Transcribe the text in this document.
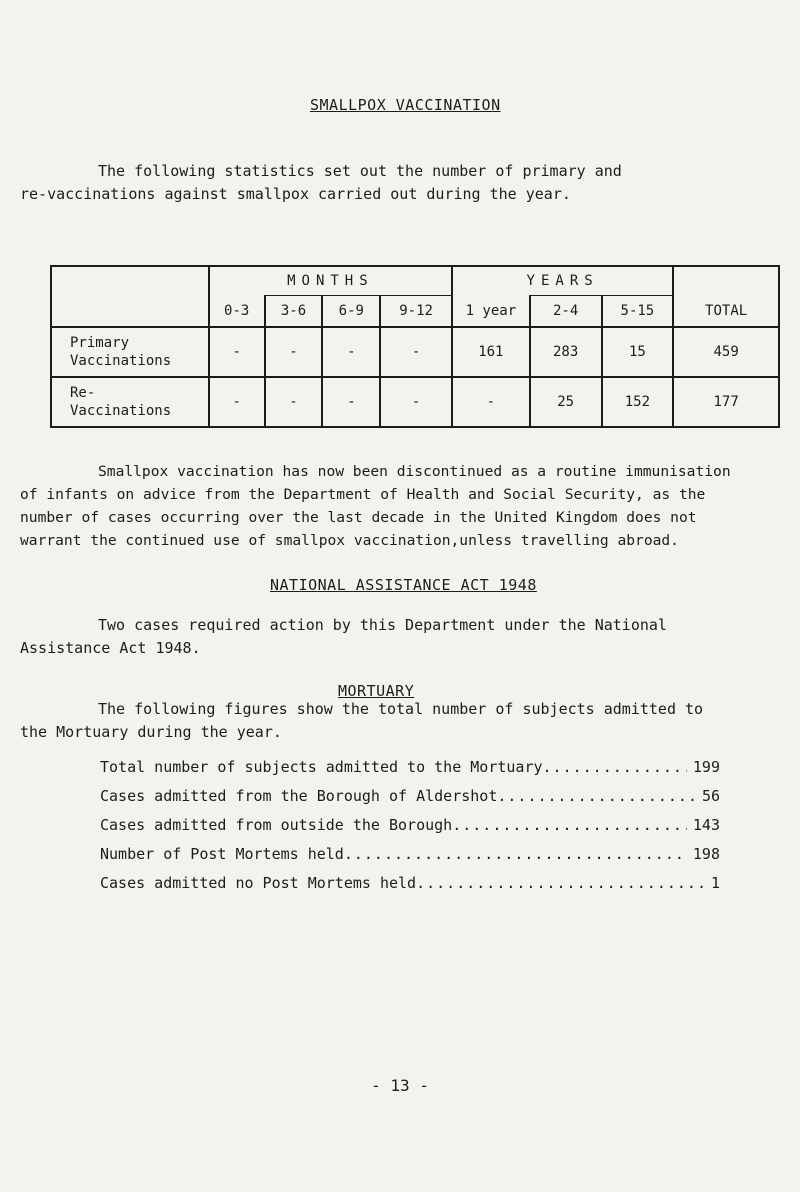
SMALLPOX VACCINATION
The following statistics set out the number of primary and
re-vaccinations against smallpox carried out during the year.
	MONTHS				YEARS			TOTAL
	0-3	3-6	6-9	9-12	1 year	2-4	5-15	

Primary
Vaccinations	-	-	-	-	161	283	15	459

Re-
Vaccinations	-	-	-	-	-	25	152	177
Smallpox vaccination has now been discontinued as a routine immunisation
of infants on advice from the Department of Health and Social Security, as the
number of cases occurring over the last decade in the United Kingdom does not
warrant the continued use of smallpox vaccination,unless travelling abroad.
NATIONAL ASSISTANCE ACT 1948
Two cases required action by this Department under the National
Assistance Act 1948.
MORTUARY
The following figures show the total number of subjects admitted to
the Mortuary during the year.
Total number of subjects admitted to the Mortuary .....	199
Cases admitted from the Borough of Aldershot .....	56
Cases admitted from outside the Borough .....	143
Number of Post Mortems held .....	198
Cases admitted no Post Mortems held .....	1
- 13 -
